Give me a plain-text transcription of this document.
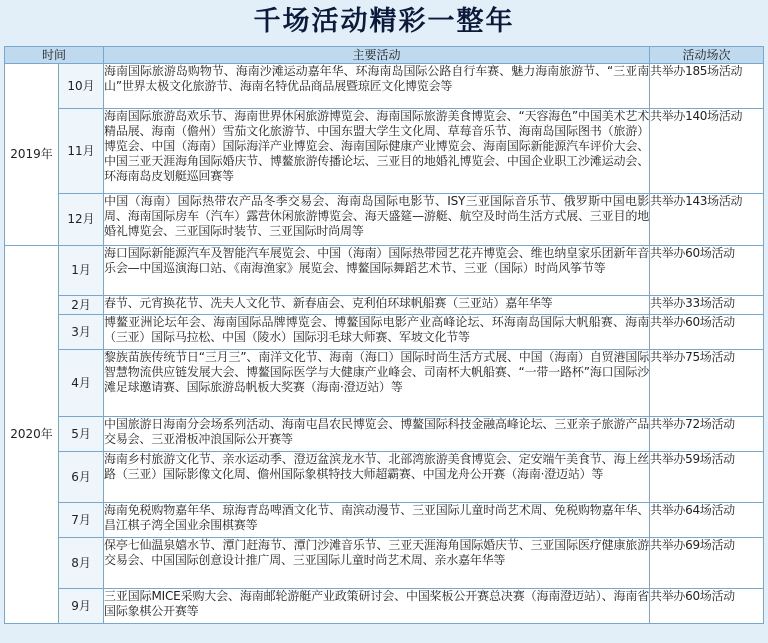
千场活动精彩一整年
时间		主要活动	活动场次
2019年	10月	海南国际旅游岛购物节、海南沙滩运动嘉年华、环海南岛国际公路自行车赛、魅力海南旅游节、“三亚南山”世界太极文化旅游节、海南名特优品商品展暨琼匠文化博览会等	共举办185场活动
	11月	海南国际旅游岛欢乐节、海南世界休闲旅游博览会、海南国际旅游美食博览会、“天容海色”中国美术艺术精品展、海南（儋州）雪茄文化旅游节、中国东盟大学生文化周、草莓音乐节、海南岛国际图书（旅游）博览会、中国（海南）国际海洋产业博览会、海南国际健康产业博览会、海南国际新能源汽车评价大会、中国三亚天涯海角国际婚庆节、博鳌旅游传播论坛、三亚目的地婚礼博览会、中国企业职工沙滩运动会、环海南岛皮划艇巡回赛等	共举办140场活动
	12月	中国（海南）国际热带农产品冬季交易会、海南岛国际电影节、ISY三亚国际音乐节、俄罗斯中国电影周、海南国际房车（汽车）露营休闲旅游博览会、海天盛筵—游艇、航空及时尚生活方式展、三亚目的地婚礼博览会、三亚国际时装节、三亚国际时尚周等	共举办143场活动
2020年	1月	海口国际新能源汽车及智能汽车展览会、中国（海南）国际热带园艺花卉博览会、维也纳皇家乐团新年音乐会—中国巡演海口站、《南海渔家》展览会、博鳌国际舞蹈艺术节、三亚（国际）时尚风筝节等	共举办60场活动
	2月	春节、元宵换花节、冼夫人文化节、新春庙会、克利伯环球帆船赛（三亚站）嘉年华等	共举办33场活动
	3月	博鳌亚洲论坛年会、海南国际品牌博览会、博鳌国际电影产业高峰论坛、环海南岛国际大帆船赛、海南（三亚）国际马拉松、中国（陵水）国际羽毛球大师赛、军坡文化节等	共举办60场活动
	4月	黎族苗族传统节日“三月三”、南洋文化节、海南（海口）国际时尚生活方式展、中国（海南）自贸港国际智慧物流供应链发展大会、博鳌国际医学与大健康产业峰会、司南杯大帆船赛、“一带一路杯”海口国际沙滩足球邀请赛、国际旅游岛帆板大奖赛（海南·澄迈站）等	共举办75场活动
	5月	中国旅游日海南分会场系列活动、海南屯昌农民博览会、博鳌国际科技金融高峰论坛、三亚亲子旅游产品交易会、三亚滑板冲浪国际公开赛等	共举办72场活动
	6月	海南乡村旅游文化节、亲水运动季、澄迈盆滨龙水节、北部湾旅游美食博览会、定安端午美食节、海上丝路（三亚）国际影像文化周、儋州国际象棋特技大师超霸赛、中国龙舟公开赛（海南·澄迈站）等	共举办59场活动
	7月	海南免税购物嘉年华、琼海青岛啤酒文化节、南滨动漫节、三亚国际儿童时尚艺术周、免税购物嘉年华、昌江棋子湾全国业余围棋赛等	共举办64场活动
	8月	保亭七仙温泉嬉水节、潭门赶海节、潭门沙滩音乐节、三亚天涯海角国际婚庆节、三亚国际医疗健康旅游交易会、中国国际创意设计推广周、三亚国际儿童时尚艺术周、亲水嘉年华等	共举办69场活动
	9月	三亚国际MICE采购大会、海南邮轮游艇产业政策研讨会、中国桨板公开赛总决赛（海南澄迈站）、海南省国际象棋公开赛等	共举办60场活动
